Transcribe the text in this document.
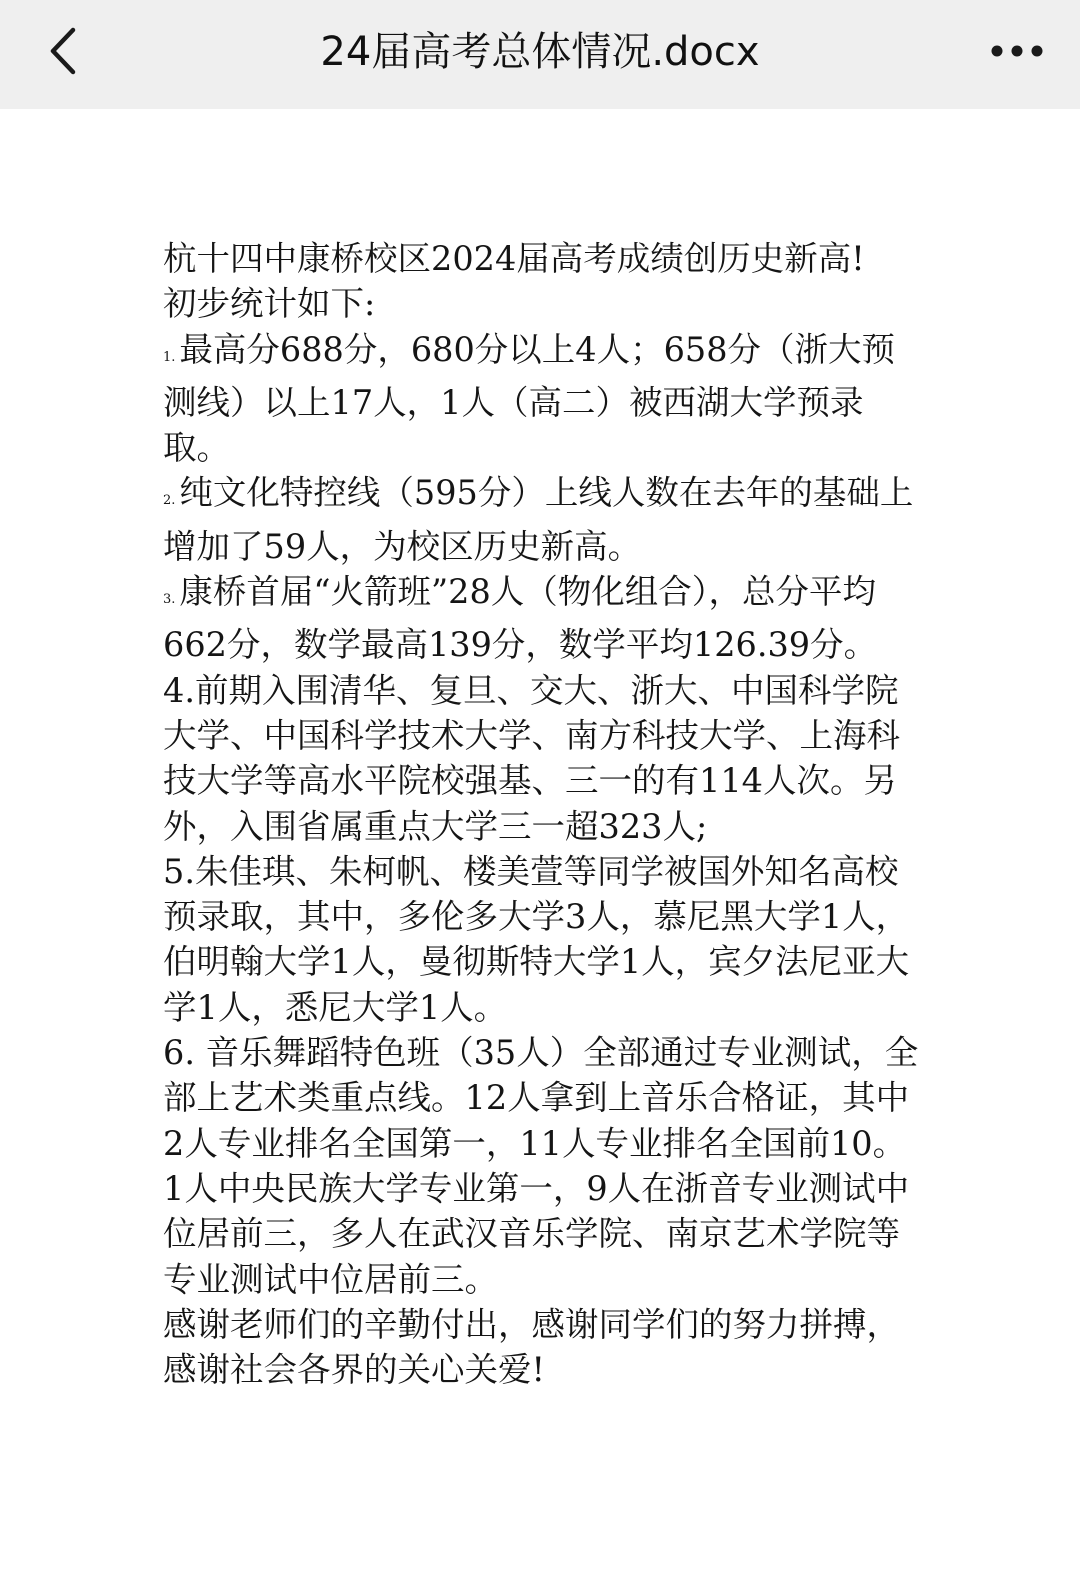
24届高考总体情况.docx

杭十四中康桥校区2024届高考成绩创历史新高!

初步统计如下:

1. 最高分688分，680分以上4人；658分（浙大预测线）以上17人，1人（高二）被西湖大学预录取。

2. 纯文化特控线（595分）上线人数在去年的基础上增加了59人，为校区历史新高。

3. 康桥首届“火箭班”28人（物化组合），总分平均662分，数学最高139分，数学平均126.39分。

4.前期入围清华、复旦、交大、浙大、中国科学院大学、中国科学技术大学、南方科技大学、上海科技大学等高水平院校强基、三一的有114人次。另外，入围省属重点大学三一超323人;

5.朱佳琪、朱柯帆、楼美萱等同学被国外知名高校预录取，其中，多伦多大学3人，慕尼黑大学1人，伯明翰大学1人，曼彻斯特大学1人，宾夕法尼亚大学1人，悉尼大学1人。

6. 音乐舞蹈特色班（35人）全部通过专业测试，全部上艺术类重点线。12人拿到上音乐合格证，其中2人专业排名全国第一，11人专业排名全国前10。1人中央民族大学专业第一，9人在浙音专业测试中位居前三，多人在武汉音乐学院、南京艺术学院等专业测试中位居前三。

感谢老师们的辛勤付出，感谢同学们的努力拼搏，感谢社会各界的关心关爱!
